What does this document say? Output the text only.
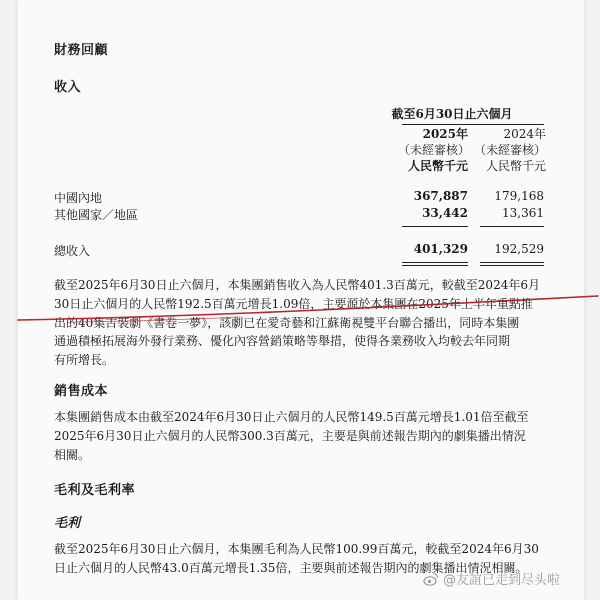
財務回顧
收入
截至6月30日止六個月
2025年
（未經審核）
人民幣千元
2024年
（未經審核）
人民幣千元
中國內地	367,887	179,168
其他國家／地區	33,442	13,361
總收入	401,329	192,529
截至2025年6月30日止六個月，本集團銷售收入為人民幣401.3百萬元，較截至2024年6月
30日止六個月的人民幣192.5百萬元增長1.09倍，主要源於本集團在2025年上半年重點推
出的40集古裝劇《書卷一夢》，該劇已在愛奇藝和江蘇衛視雙平台聯合播出，同時本集團
通過積極拓展海外發行業務、優化內容營銷策略等舉措，使得各業務收入均較去年同期
有所增長。
銷售成本
本集團銷售成本由截至2024年6月30日止六個月的人民幣149.5百萬元增長1.01倍至截至
2025年6月30日止六個月的人民幣300.3百萬元，主要是與前述報告期內的劇集播出情況
相關。
毛利及毛利率
毛利
截至2025年6月30日止六個月，本集團毛利為人民幣100.99百萬元，較截至2024年6月30
日止六個月的人民幣43.0百萬元增長1.35倍，主要與前述報告期內的劇集播出情況相關。
@友誼已走到尽头啦
